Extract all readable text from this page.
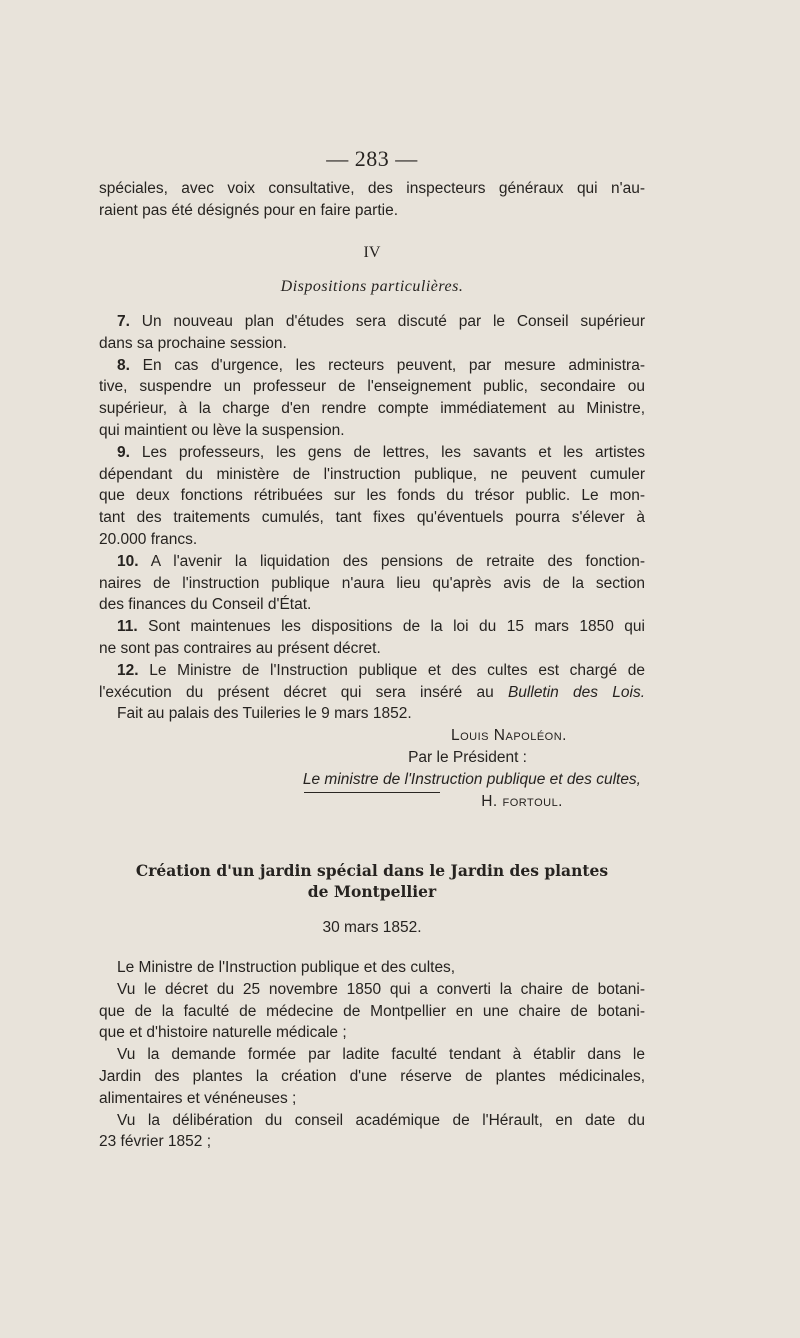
— 283 —
spéciales, avec voix consultative, des inspecteurs généraux qui n'au-
raient pas été désignés pour en faire partie.
IV
Dispositions particulières.
7. Un nouveau plan d'études sera discuté par le Conseil supérieur
dans sa prochaine session.
8. En cas d'urgence, les recteurs peuvent, par mesure administra-
tive, suspendre un professeur de l'enseignement public, secondaire ou
supérieur, à la charge d'en rendre compte immédiatement au Ministre,
qui maintient ou lève la suspension.
9. Les professeurs, les gens de lettres, les savants et les artistes
dépendant du ministère de l'instruction publique, ne peuvent cumuler
que deux fonctions rétribuées sur les fonds du trésor public. Le mon-
tant des traitements cumulés, tant fixes qu'éventuels pourra s'élever à
20.000 francs.
10. A l'avenir la liquidation des pensions de retraite des fonction-
naires de l'instruction publique n'aura lieu qu'après avis de la section
des finances du Conseil d'État.
11. Sont maintenues les dispositions de la loi du 15 mars 1850 qui
ne sont pas contraires au présent décret.
12. Le Ministre de l'Instruction publique et des cultes est chargé de
l'exécution du présent décret qui sera inséré au Bulletin des Lois.
Fait au palais des Tuileries le 9 mars 1852.
Louis Napoléon.
Par le Président :
Le ministre de l'Instruction publique et des cultes,
H. fortoul.
Création d'un jardin spécial dans le Jardin des plantes
de Montpellier
30 mars 1852.
Le Ministre de l'Instruction publique et des cultes,
Vu le décret du 25 novembre 1850 qui a converti la chaire de botani-
que de la faculté de médecine de Montpellier en une chaire de botani-
que et d'histoire naturelle médicale ;
Vu la demande formée par ladite faculté tendant à établir dans le
Jardin des plantes la création d'une réserve de plantes médicinales,
alimentaires et vénéneuses ;
Vu la délibération du conseil académique de l'Hérault, en date du
23 février 1852 ;
